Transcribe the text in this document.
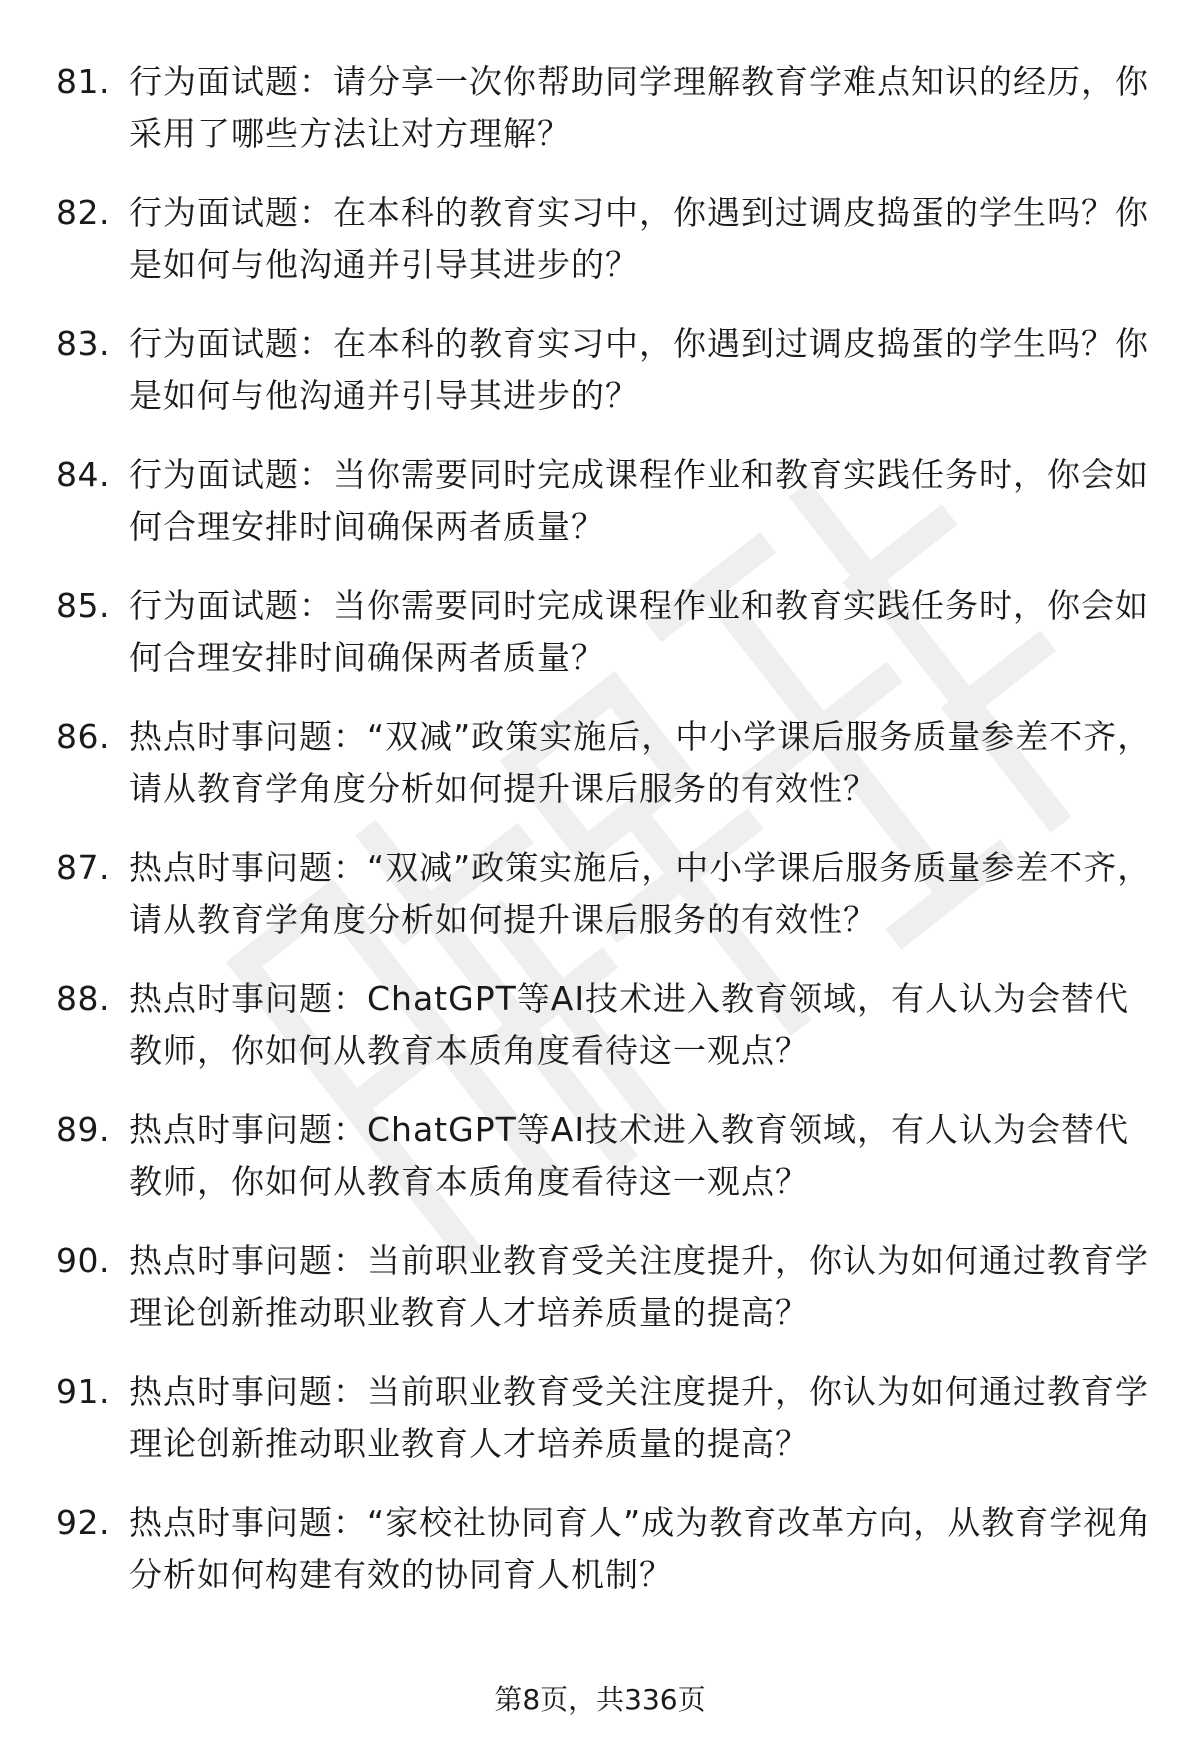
81. 行为面试题：请分享一次你帮助同学理解教育学难点知识的经历，你采用了哪些方法让对方理解？
82. 行为面试题：在本科的教育实习中，你遇到过调皮捣蛋的学生吗？你是如何与他沟通并引导其进步的？
83. 行为面试题：在本科的教育实习中，你遇到过调皮捣蛋的学生吗？你是如何与他沟通并引导其进步的？
84. 行为面试题：当你需要同时完成课程作业和教育实践任务时，你会如何合理安排时间确保两者质量？
85. 行为面试题：当你需要同时完成课程作业和教育实践任务时，你会如何合理安排时间确保两者质量？
86. 热点时事问题：“双减”政策实施后，中小学课后服务质量参差不齐，请从教育学角度分析如何提升课后服务的有效性？
87. 热点时事问题：“双减”政策实施后，中小学课后服务质量参差不齐，请从教育学角度分析如何提升课后服务的有效性？
88. 热点时事问题：ChatGPT等AI技术进入教育领域，有人认为会替代教师，你如何从教育本质角度看待这一观点？
89. 热点时事问题：ChatGPT等AI技术进入教育领域，有人认为会替代教师，你如何从教育本质角度看待这一观点？
90. 热点时事问题：当前职业教育受关注度提升，你认为如何通过教育学理论创新推动职业教育人才培养质量的提高？
91. 热点时事问题：当前职业教育受关注度提升，你认为如何通过教育学理论创新推动职业教育人才培养质量的提高？
92. 热点时事问题：“家校社协同育人”成为教育改革方向，从教育学视角分析如何构建有效的协同育人机制？
第8页，共336页
